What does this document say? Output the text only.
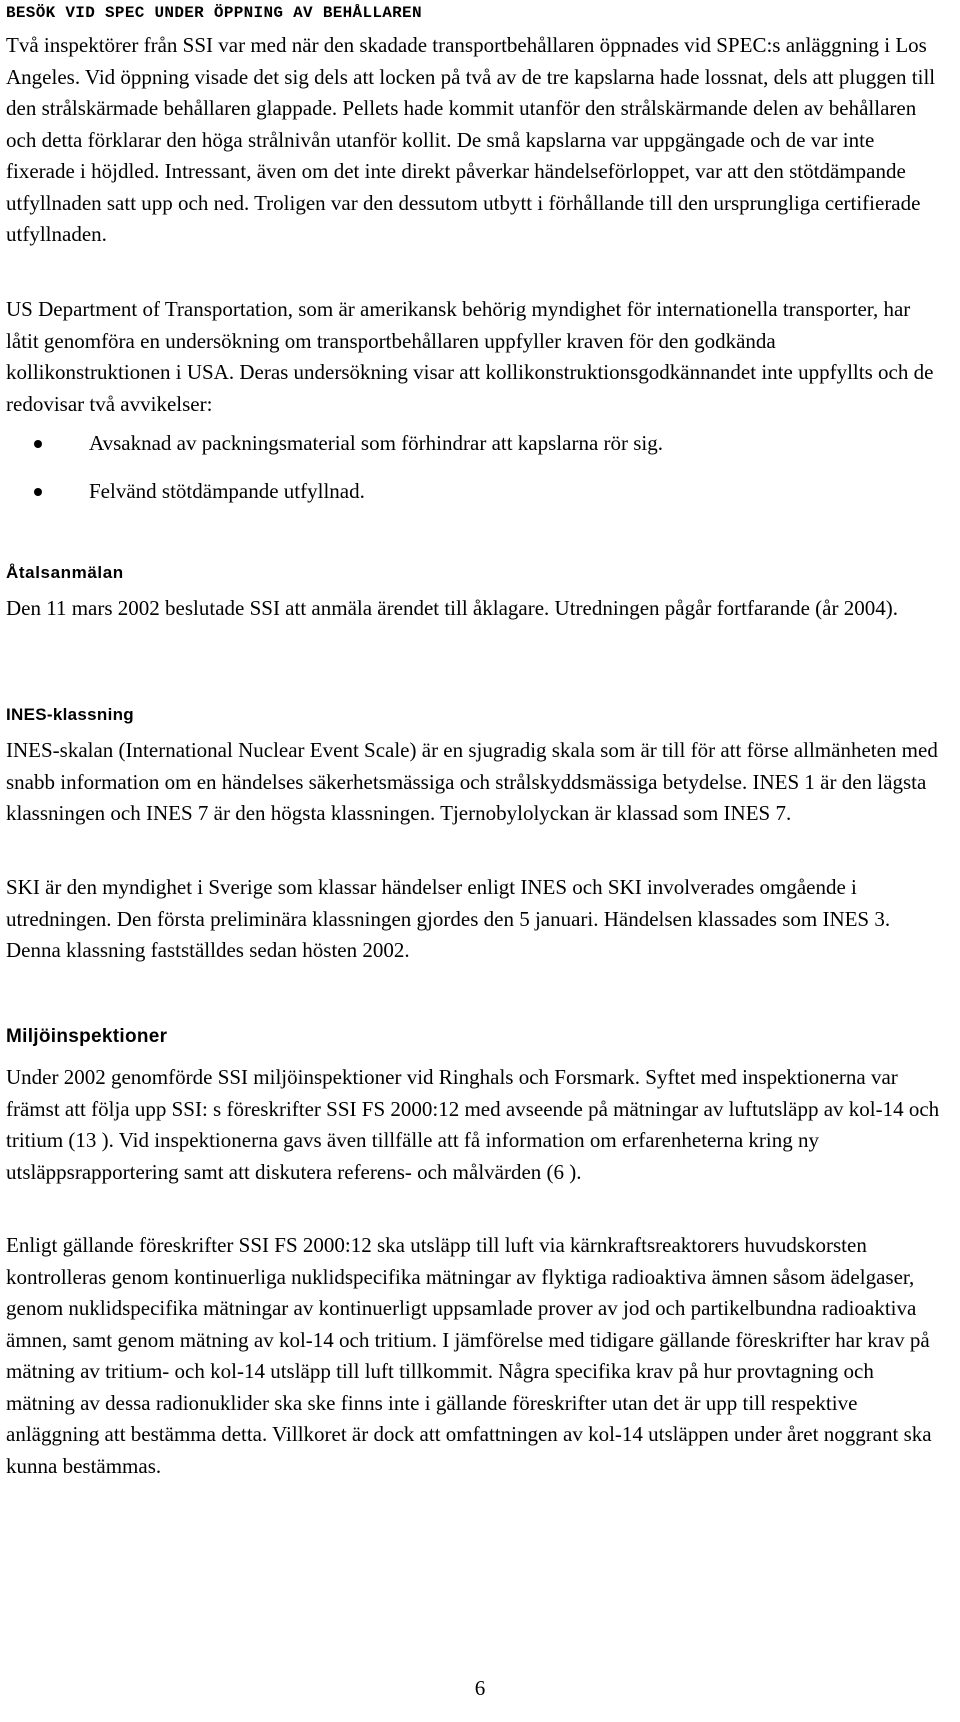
BESÖK VID SPEC UNDER ÖPPNING AV BEHÅLLAREN

Två inspektörer från SSI var med när den skadade transportbehållaren öppnades vid SPEC:s anläggning i Los Angeles. Vid öppning visade det sig dels att locken på två av de tre kapslarna hade lossnat, dels att pluggen till den strålskärmade behållaren glappade. Pellets hade kommit utanför den strålskärmande delen av behållaren och detta förklarar den höga strålnivån utanför kollit. De små kapslarna var uppgängade och de var inte fixerade i höjdled. Intressant, även om det inte direkt påverkar händelseförloppet, var att den stötdämpande utfyllnaden satt upp och ned. Troligen var den dessutom utbytt i förhållande till den ursprungliga certifierade utfyllnaden.

US Department of Transportation, som är amerikansk behörig myndighet för internationella transporter, har låtit genomföra en undersökning om transportbehållaren uppfyller kraven för den godkända kollikonstruktionen i USA. Deras undersökning visar att kollikonstruktionsgodkännandet inte uppfyllts och de redovisar två avvikelser:

Avsaknad av packningsmaterial som förhindrar att kapslarna rör sig.
Felvänd stötdämpande utfyllnad.
Åtalsanmälan

Den 11 mars 2002 beslutade SSI att anmäla ärendet till åklagare. Utredningen pågår fortfarande (år 2004).

INES-klassning

INES-skalan (International Nuclear Event Scale) är en sjugradig skala som är till för att förse allmänheten med snabb information om en händelses säkerhetsmässiga och strålskyddsmässiga betydelse. INES 1 är den lägsta klassningen och INES 7 är den högsta klassningen. Tjernobylolyckan är klassad som INES 7.

SKI är den myndighet i Sverige som klassar händelser enligt INES och SKI involverades omgående i utredningen. Den första preliminära klassningen gjordes den 5 januari. Händelsen klassades som INES 3. Denna klassning fastställdes sedan hösten 2002.

Miljöinspektioner

Under 2002 genomförde SSI miljöinspektioner vid Ringhals och Forsmark. Syftet med inspektionerna var främst att följa upp SSI: s föreskrifter SSI FS 2000:12 med avseende på mätningar av luftutsläpp av kol-14 och tritium (13 ). Vid inspektionerna gavs även tillfälle att få information om erfarenheterna kring ny utsläppsrapportering samt att diskutera referens- och målvärden (6 ).

Enligt gällande föreskrifter SSI FS 2000:12 ska utsläpp till luft via kärnkraftsreaktorers huvudskorsten kontrolleras genom kontinuerliga nuklidspecifika mätningar av flyktiga radioaktiva ämnen såsom ädelgaser, genom nuklidspecifika mätningar av kontinuerligt uppsamlade prover av jod och partikelbundna radioaktiva ämnen, samt genom mätning av kol-14 och tritium. I jämförelse med tidigare gällande föreskrifter har krav på mätning av tritium- och kol-14 utsläpp till luft tillkommit. Några specifika krav på hur provtagning och mätning av dessa radionuklider ska ske finns inte i gällande föreskrifter utan det är upp till respektive anläggning att bestämma detta. Villkoret är dock att omfattningen av kol-14 utsläppen under året noggrant ska kunna bestämmas.

6
